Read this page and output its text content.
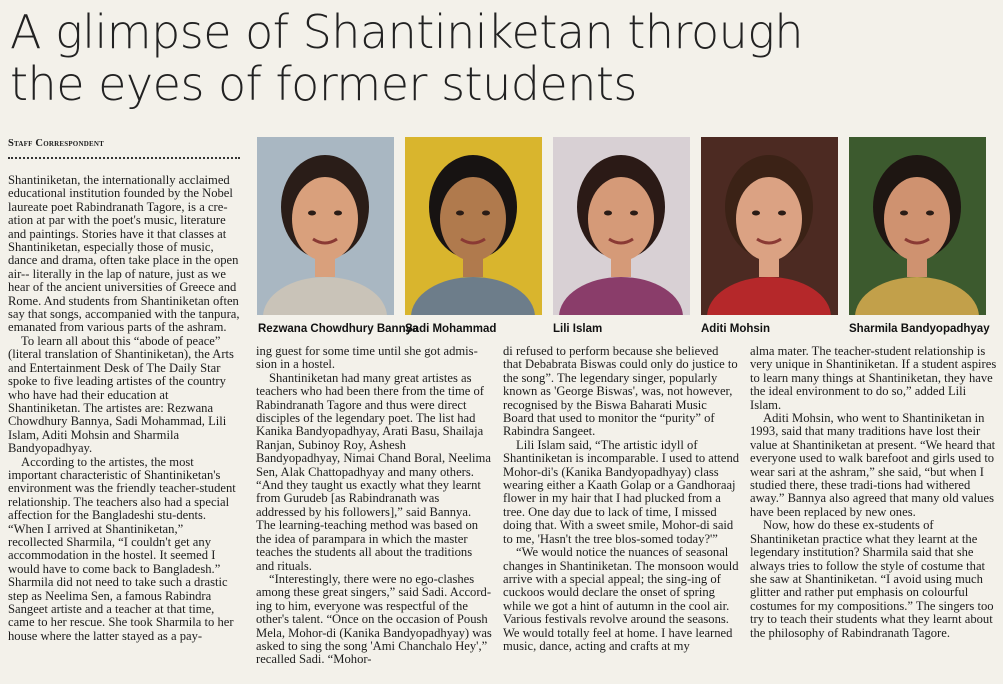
A glimpse of Shantiniketan through
the eyes of former students
Staff Correspondent

Shantiniketan, the internationally acclaimed educational institution founded by the Nobel laureate poet Rabindranath Tagore, is a cre-ation at par with the poet's music, literature and paintings. Stories have it that classes at Shantiniketan, especially those of music, dance and drama, often take place in the open air-- literally in the lap of nature, just as we hear of the ancient universities of Greece and Rome. And students from Shantiniketan often say that songs, accompanied with the tanpura, emanated from various parts of the ashram.

To learn all about this “abode of peace” (literal translation of Shantiniketan), the Arts and Entertainment Desk of The Daily Star spoke to five leading artistes of the country who have had their education at Shantiniketan. The artistes are: Rezwana Chowdhury Bannya, Sadi Mohammad, Lili Islam, Aditi Mohsin and Sharmila Bandyopadhyay.

According to the artistes, the most important characteristic of Shantiniketan's environment was the friendly teacher-student relationship. The teachers also had a special affection for the Bangladeshi stu-dents. “When I arrived at Shantiniketan,” recollected Sharmila, “I couldn't get any accommodation in the hostel. It seemed I would have to come back to Bangladesh.” Sharmila did not need to take such a drastic step as Neelima Sen, a famous Rabindra Sangeet artiste and a teacher at that time, came to her rescue. She took Sharmila to her house where the latter stayed as a pay-

Rezwana Chowdhury Bannya
Sadi Mohammad	Lili Islam	Aditi Mohsin	Sharmila Bandyopadhyay

ing guest for some time until she got admis-sion in a hostel.

Shantiniketan had many great artistes as teachers who had been there from the time of Rabindranath Tagore and thus were direct disciples of the legendary poet. The list had Kanika Bandyopadhyay, Arati Basu, Shailaja Ranjan, Subinoy Roy, Ashesh Bandyopadhyay, Nimai Chand Boral, Neelima Sen, Alak Chattopadhyay and many others. “And they taught us exactly what they learnt from Gurudeb [as Rabindranath was addressed by his followers],” said Bannya. The learning-teaching method was based on the idea of parampara in which the master teaches the students all about the traditions and rituals.

“Interestingly, there were no ego-clashes among these great singers,” said Sadi. Accord-ing to him, everyone was respectful of the other's talent. “Once on the occasion of Poush Mela, Mohor-di (Kanika Bandyopadhyay) was asked to sing the song 'Ami Chanchalo Hey',” recalled Sadi. “Mohor-

di refused to perform because she believed that Debabrata Biswas could only do justice to the song”. The legendary singer, popularly known as 'George Biswas', was, not however, recognised by the Biswa Baharati Music Board that used to monitor the “purity” of Rabindra Sangeet.

Lili Islam said, “The artistic idyll of Shantiniketan is incomparable. I used to attend Mohor-di's (Kanika Bandyopadhyay) class wearing either a Kaath Golap or a Gandhoraaj flower in my hair that I had plucked from a tree. One day due to lack of time, I missed doing that. With a sweet smile, Mohor-di said to me, 'Hasn't the tree blos-somed today?'”

“We would notice the nuances of seasonal changes in Shantiniketan. The monsoon would arrive with a special appeal; the sing-ing of cuckoos would declare the onset of spring while we got a hint of autumn in the cool air. Various festivals revolve around the seasons. We would totally feel at home. I have learned music, dance, acting and crafts at my

alma mater. The teacher-student relationship is very unique in Shantiniketan. If a student aspires to learn many things at Shantiniketan, they have the ideal environment to do so,” added Lili Islam.

Aditi Mohsin, who went to Shantiniketan in 1993, said that many traditions have lost their value at Shantiniketan at present. “We heard that everyone used to walk barefoot and girls used to wear sari at the ashram,” she said, “but when I studied there, these tradi-tions had withered away.” Bannya also agreed that many old values have been replaced by new ones.

Now, how do these ex-students of Shantiniketan practice what they learnt at the legendary institution? Sharmila said that she always tries to follow the style of costume that she saw at Shantiniketan. “I avoid using much glitter and rather put emphasis on colourful costumes for my compositions.” The singers too try to teach their students what they learnt about the philosophy of Rabindranath Tagore.
